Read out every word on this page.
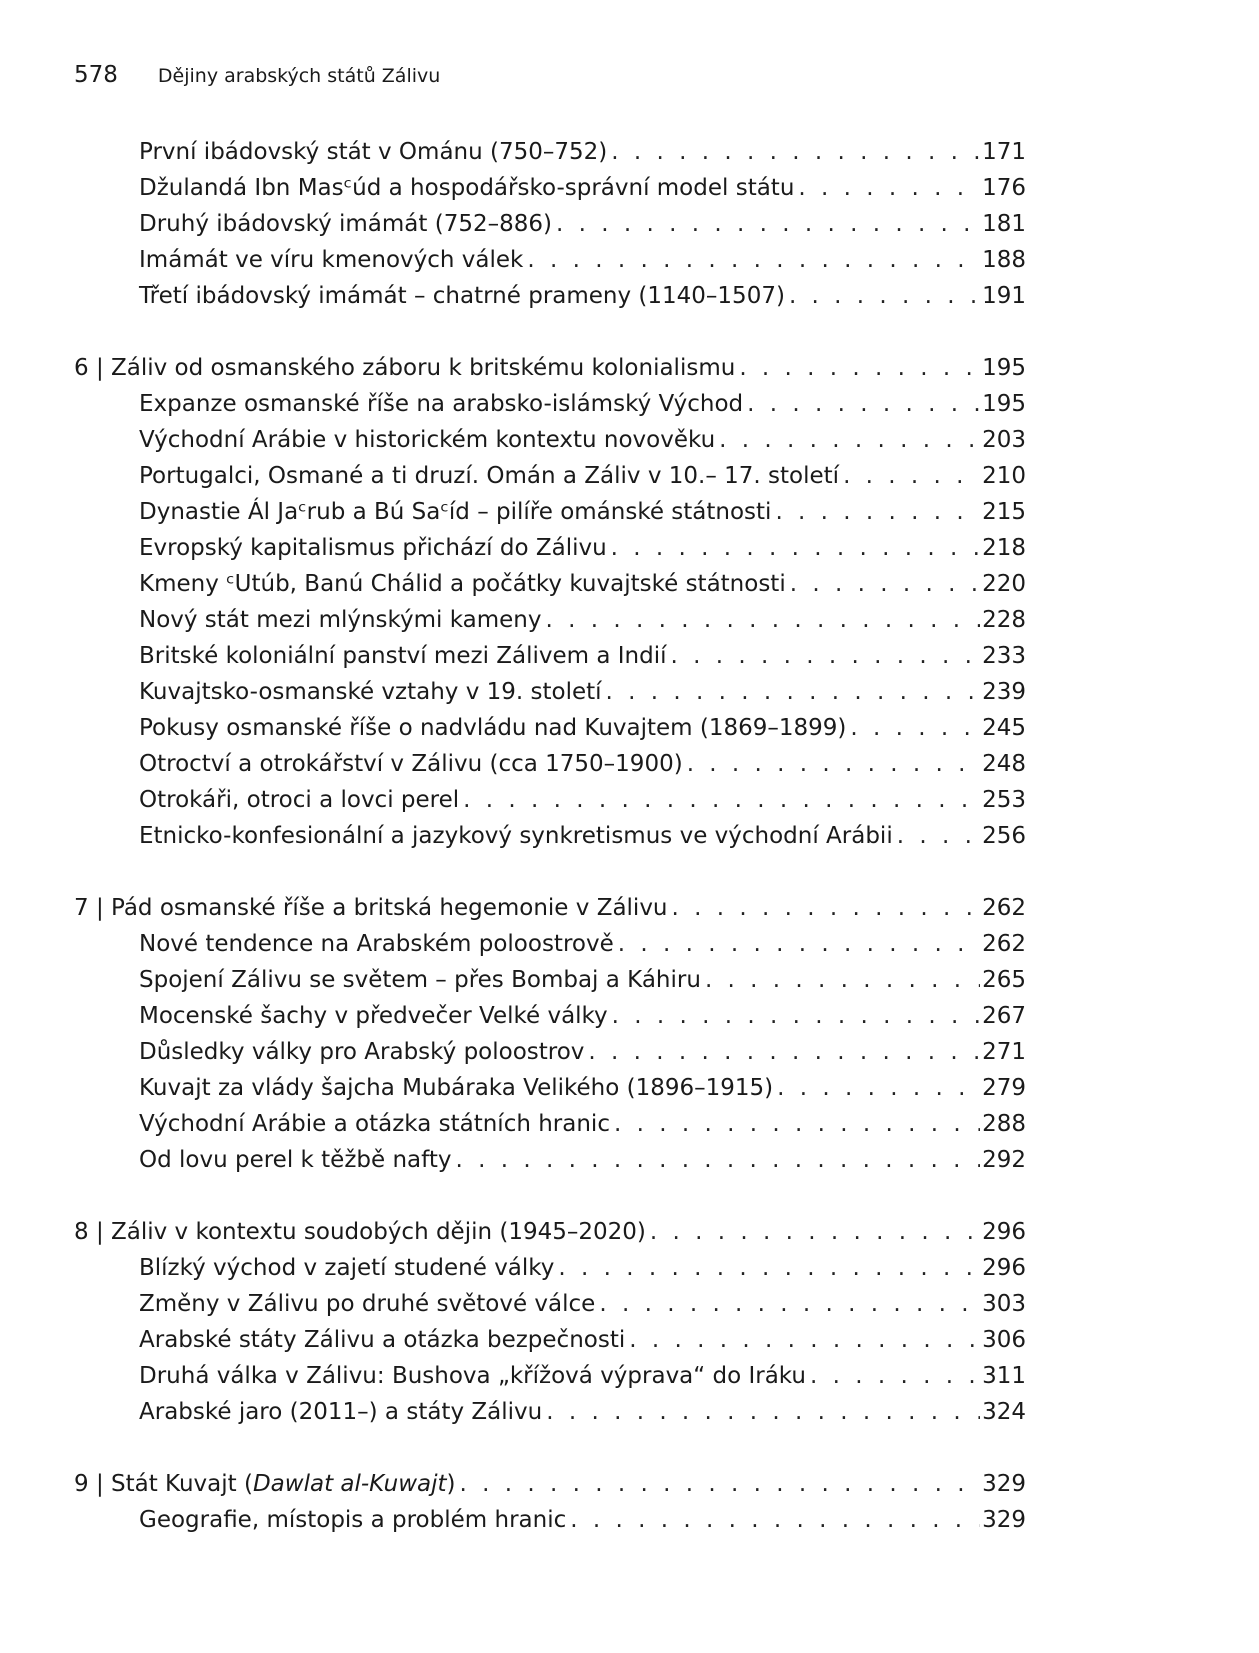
578 Dějiny arabských států Zálivu
První ibádovský stát v Ománu (750–752) . . .	171
Džulandá Ibn Masᶜúd a hospodářsko-správní model státu . . .	176
Druhý ibádovský imámát (752–886) . . .	181
Imámát ve víru kmenových válek . . .	188
Třetí ibádovský imámát – chatrné prameny (1140–1507) . . .	191
6 | Záliv od osmanského záboru k britskému kolonialismu . . .	195
Expanze osmanské říše na arabsko-islámský Východ . . .	195
Východní Arábie v historickém kontextu novověku . . .	203
Portugalci, Osmané a ti druzí. Omán a Záliv v 10.– 17. století . . .	210
Dynastie Ál Jaᶜrub a Bú Saᶜíd – pilíře ománské státnosti . . .	215
Evropský kapitalismus přichází do Zálivu . . .	218
Kmeny ᶜUtúb, Banú Chálid a počátky kuvajtské státnosti . . .	220
Nový stát mezi mlýnskými kameny . . .	228
Britské koloniální panství mezi Zálivem a Indií . . .	233
Kuvajtsko-osmanské vztahy v 19. století . . .	239
Pokusy osmanské říše o nadvládu nad Kuvajtem (1869–1899) . . .	245
Otroctví a otrokářství v Zálivu (cca 1750–1900) . . .	248
Otrokáři, otroci a lovci perel . . .	253
Etnicko-konfesionální a jazykový synkretismus ve východní Arábii . . .	256
7 | Pád osmanské říše a britská hegemonie v Zálivu . . .	262
Nové tendence na Arabském poloostrově . . .	262
Spojení Zálivu se světem – přes Bombaj a Káhiru . . .	265
Mocenské šachy v předvečer Velké války . . .	267
Důsledky války pro Arabský poloostrov . . .	271
Kuvajt za vlády šajcha Mubáraka Velikého (1896–1915) . . .	279
Východní Arábie a otázka státních hranic . . .	288
Od lovu perel k těžbě nafty . . .	292
8 | Záliv v kontextu soudobých dějin (1945–2020) . . .	296
Blízký východ v zajetí studené války . . .	296
Změny v Zálivu po druhé světové válce . . .	303
Arabské státy Zálivu a otázka bezpečnosti . . .	306
Druhá válka v Zálivu: Bushova „křížová výprava“ do Iráku . . .	311
Arabské jaro (2011–) a státy Zálivu . . .	324
9 | Stát Kuvajt (Dawlat al-Kuwajt) . . .	329
Geografie, místopis a problém hranic . . .	329
